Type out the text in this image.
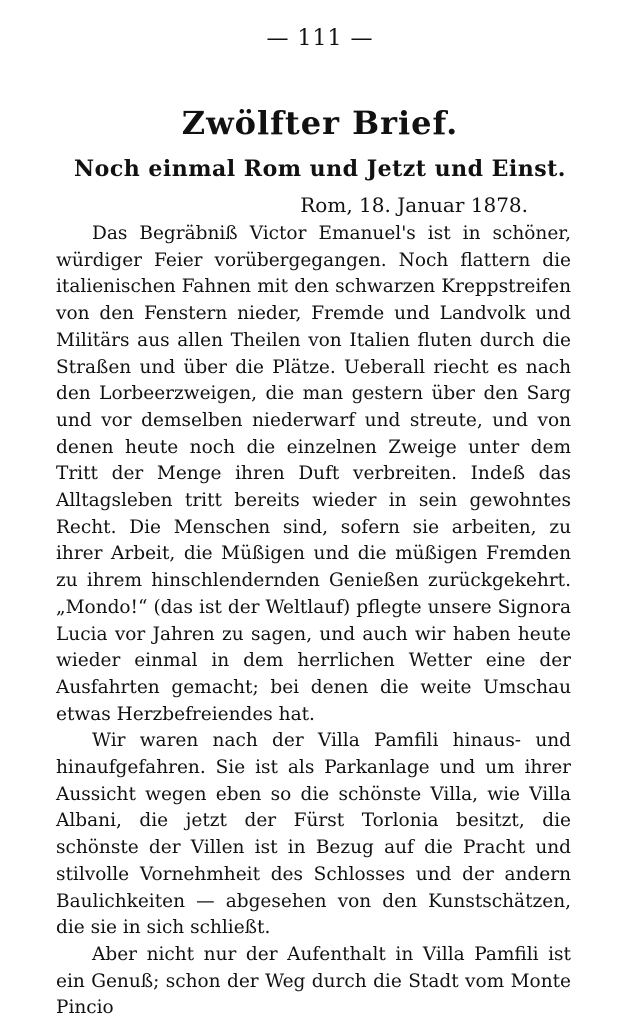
— 111 —
Zwölfter Brief.
Noch einmal Rom und Jetzt und Einst.
Rom, 18. Januar 1878.

Das Begräbniß Victor Emanuel's ist in schöner, würdiger Feier vorübergegangen. Noch flattern die italienischen Fahnen mit den schwarzen Kreppstreifen von den Fenstern nieder, Fremde und Landvolk und Militärs aus allen Theilen von Italien fluten durch die Straßen und über die Plätze. Ueberall riecht es nach den Lorbeerzweigen, die man gestern über den Sarg und vor demselben niederwarf und streute, und von denen heute noch die einzelnen Zweige unter dem Tritt der Menge ihren Duft verbreiten. Indeß das Alltagsleben tritt bereits wieder in sein gewohntes Recht. Die Menschen sind, sofern sie arbeiten, zu ihrer Arbeit, die Müßigen und die müßigen Fremden zu ihrem hinschlendernden Genießen zurückgekehrt. „Mondo!“ (das ist der Weltlauf) pflegte unsere Signora Lucia vor Jahren zu sagen, und auch wir haben heute wieder einmal in dem herrlichen Wetter eine der Ausfahrten gemacht; bei denen die weite Umschau etwas Herzbefreiendes hat.

Wir waren nach der Villa Pamfili hinaus- und hinaufgefahren. Sie ist als Parkanlage und um ihrer Aussicht wegen eben so die schönste Villa, wie Villa Albani, die jetzt der Fürst Torlonia besitzt, die schönste der Villen ist in Bezug auf die Pracht und stilvolle Vornehmheit des Schlosses und der andern Baulichkeiten — abgesehen von den Kunstschätzen, die sie in sich schließt.

Aber nicht nur der Aufenthalt in Villa Pamfili ist ein Genuß; schon der Weg durch die Stadt vom Monte Pincio
